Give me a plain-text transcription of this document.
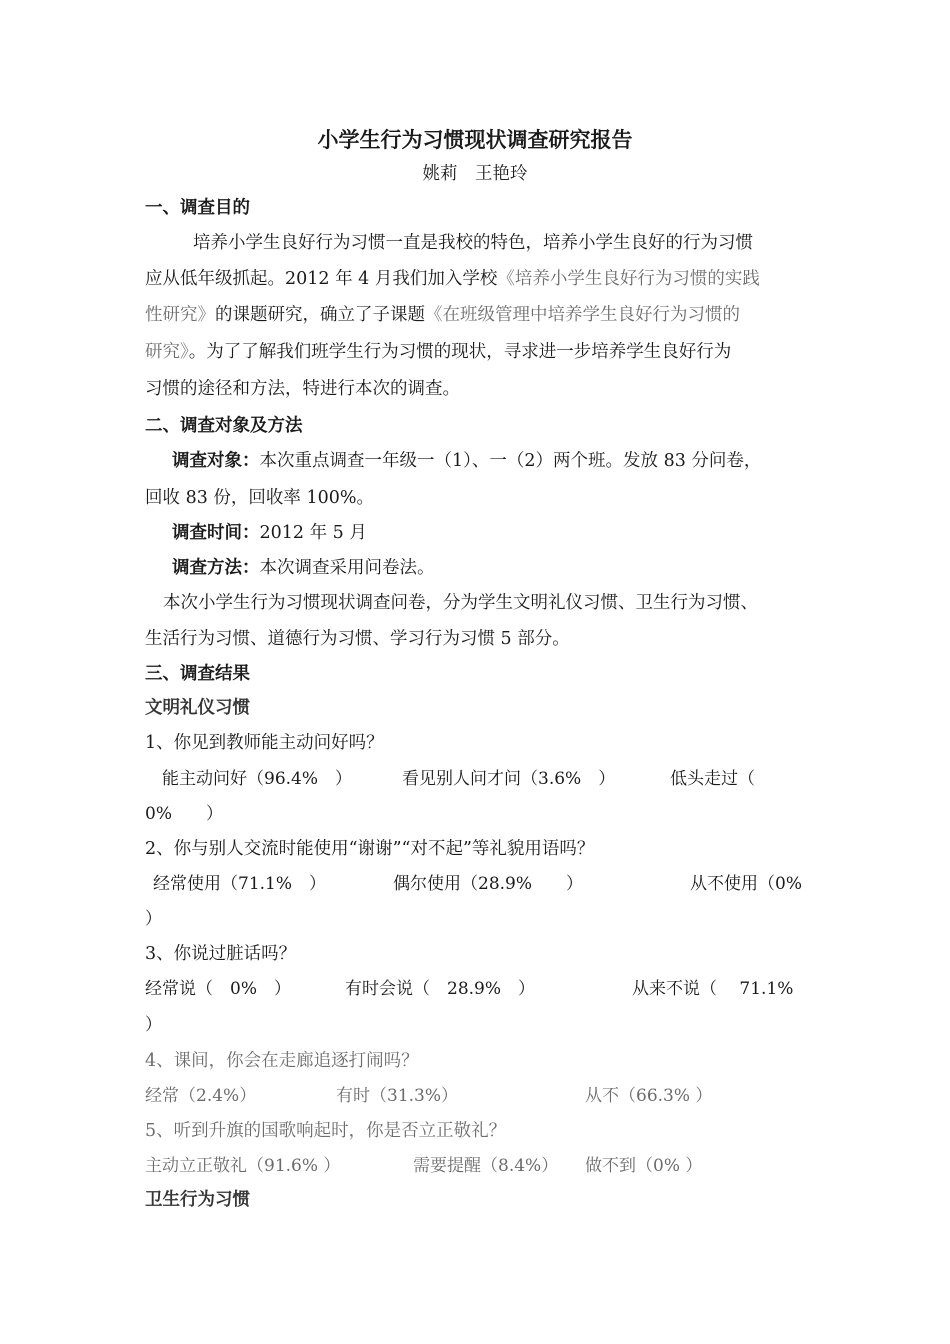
小学生行为习惯现状调查研究报告
姚莉　王艳玲
一、调查目的
培养小学生良好行为习惯一直是我校的特色，培养小学生良好的行为习惯
应从低年级抓起。2012 年 4 月我们加入学校《培养小学生良好行为习惯的实践
性研究》的课题研究，确立了子课题《在班级管理中培养学生良好行为习惯的
研究》。为了了解我们班学生行为习惯的现状，寻求进一步培养学生良好行为
习惯的途径和方法，特进行本次的调查。
二、调查对象及方法
调查对象：本次重点调查一年级一（1）、一（2）两个班。发放 83 分问卷，
回收 83 份，回收率 100%。
调查时间：2012 年 5 月
调查方法：本次调查采用问卷法。
本次小学生行为习惯现状调查问卷，分为学生文明礼仪习惯、卫生行为习惯、
生活行为习惯、道德行为习惯、学习行为习惯 5 部分。
三、调查结果
文明礼仪习惯
1、你见到教师能主动问好吗？
能主动问好（96.4%　）	看见别人问才问（3.6%　）	低头走过（
0%　　）
2、你与别人交流时能使用“谢谢”“对不起”等礼貌用语吗？
经常使用（71.1%　）	偶尔使用（28.9%　　）	从不使用（0%
）
3、你说过脏话吗？
经常说（　0%　）	有时会说（　28.9%　）	从来不说（　 71.1%
）
4、课间，你会在走廊追逐打闹吗？
经常（2.4%）	有时（31.3%）	从不（66.3% ）
5、听到升旗的国歌响起时，你是否立正敬礼？
主动立正敬礼（91.6% ）	需要提醒（8.4%） 做不到（0% ）
卫生行为习惯
